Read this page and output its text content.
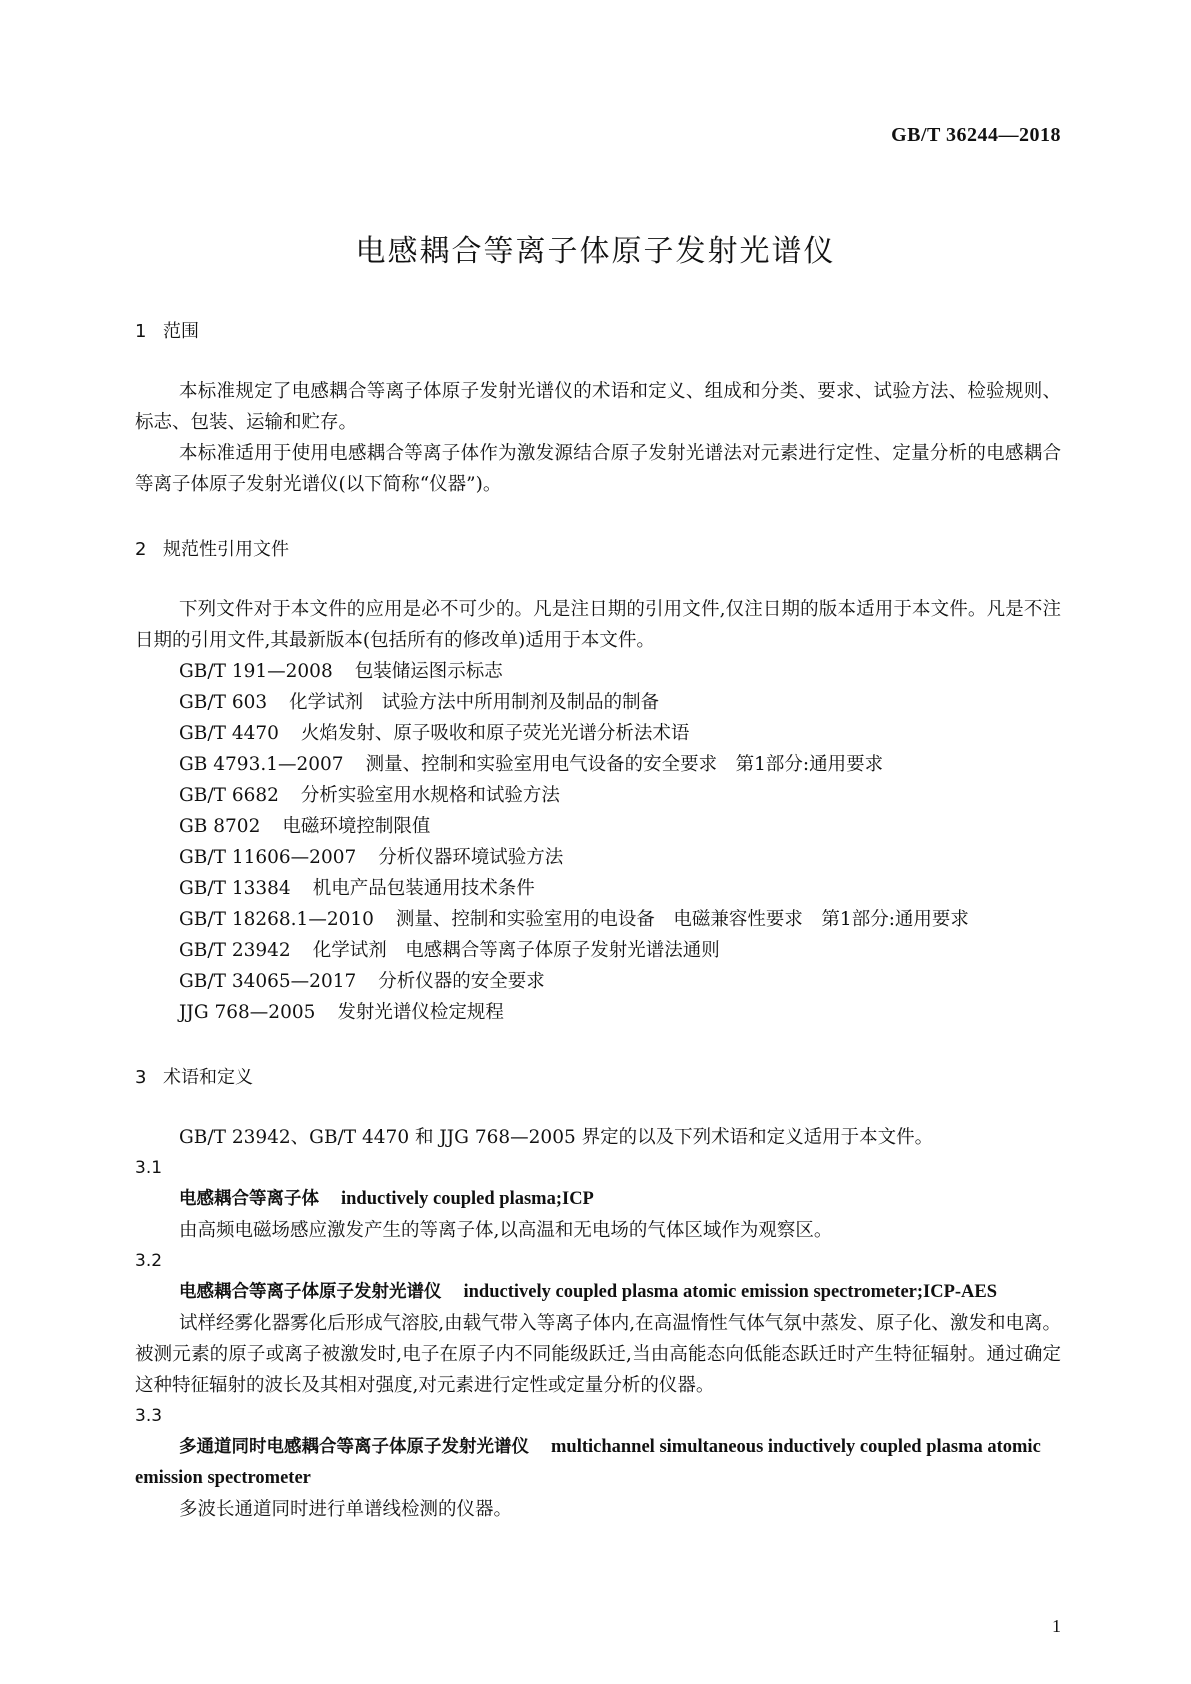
GB/T 36244—2018
电感耦合等离子体原子发射光谱仪
1 范围

本标准规定了电感耦合等离子体原子发射光谱仪的术语和定义、组成和分类、要求、试验方法、检验规则、标志、包装、运输和贮存。

本标准适用于使用电感耦合等离子体作为激发源结合原子发射光谱法对元素进行定性、定量分析的电感耦合等离子体原子发射光谱仪(以下简称“仪器”)。

2 规范性引用文件

下列文件对于本文件的应用是必不可少的。凡是注日期的引用文件,仅注日期的版本适用于本文件。凡是不注日期的引用文件,其最新版本(包括所有的修改单)适用于本文件。

GB/T 191—2008 包装储运图示标志
GB/T 603 化学试剂　试验方法中所用制剂及制品的制备
GB/T 4470 火焰发射、原子吸收和原子荧光光谱分析法术语
GB 4793.1—2007 测量、控制和实验室用电气设备的安全要求　第1部分:通用要求
GB/T 6682 分析实验室用水规格和试验方法
GB 8702 电磁环境控制限值
GB/T 11606—2007 分析仪器环境试验方法
GB/T 13384 机电产品包装通用技术条件
GB/T 18268.1—2010 测量、控制和实验室用的电设备　电磁兼容性要求　第1部分:通用要求
GB/T 23942 化学试剂　电感耦合等离子体原子发射光谱法通则
GB/T 34065—2017 分析仪器的安全要求
JJG 768—2005 发射光谱仪检定规程
3 术语和定义

GB/T 23942、GB/T 4470 和 JJG 768—2005 界定的以及下列术语和定义适用于本文件。

3.1
电感耦合等离子体 inductively coupled plasma;ICP

由高频电磁场感应激发产生的等离子体,以高温和无电场的气体区域作为观察区。

3.2
电感耦合等离子体原子发射光谱仪 inductively coupled plasma atomic emission spectrometer;ICP-AES

试样经雾化器雾化后形成气溶胶,由载气带入等离子体内,在高温惰性气体气氛中蒸发、原子化、激发和电离。被测元素的原子或离子被激发时,电子在原子内不同能级跃迁,当由高能态向低能态跃迁时产生特征辐射。通过确定这种特征辐射的波长及其相对强度,对元素进行定性或定量分析的仪器。

3.3
多通道同时电感耦合等离子体原子发射光谱仪 multichannel simultaneous inductively coupled plasma atomic emission spectrometer

多波长通道同时进行单谱线检测的仪器。

1
